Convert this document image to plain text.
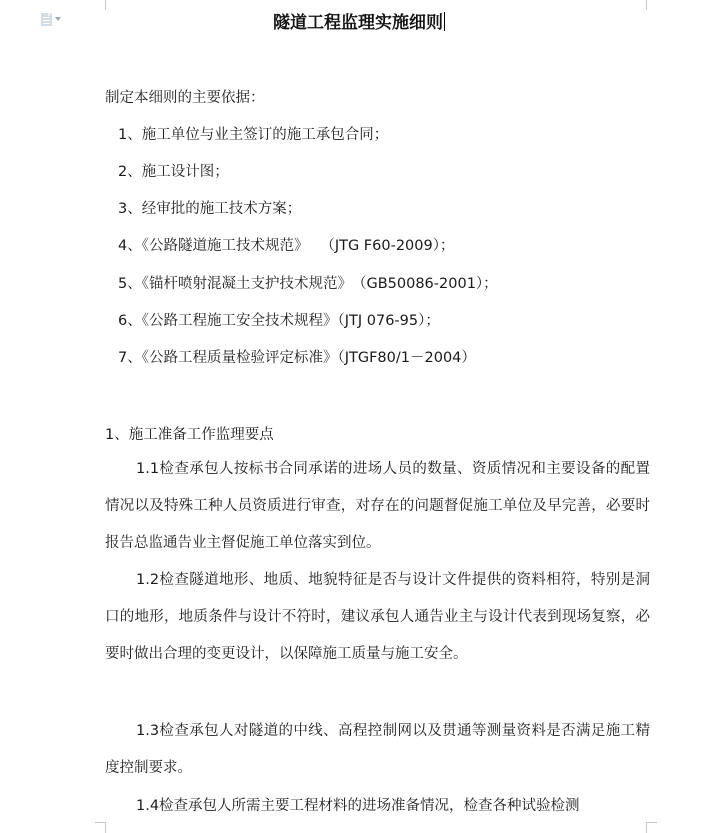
隧道工程监理实施细则
制定本细则的主要依据：
1、施工单位与业主签订的施工承包合同；
2、施工设计图；
3、经审批的施工技术方案；
4、《公路隧道施工技术规范》　 （JTG F60-2009）；
5、《锚杆喷射混凝土支护技术规范》　（GB50086-2001）；
6、《公路工程施工安全技术规程》（JTJ 076-95）；
7、《公路工程质量检验评定标准》（JTGF80/1－2004）
1、施工准备工作监理要点

1.1检查承包人按标书合同承诺的进场人员的数量、资质情况和主要设备的配置情况以及特殊工种人员资质进行审查，对存在的问题督促施工单位及早完善，必要时报告总监通告业主督促施工单位落实到位。

1.2检查隧道地形、地质、地貌特征是否与设计文件提供的资料相符，特别是洞口的地形，地质条件与设计不符时，建议承包人通告业主与设计代表到现场复察，必要时做出合理的变更设计，以保障施工质量与施工安全。

1.3检查承包人对隧道的中线、高程控制网以及贯通等测量资料是否满足施工精度控制要求。

1.4检查承包人所需主要工程材料的进场准备情况，检查各种试验检测
